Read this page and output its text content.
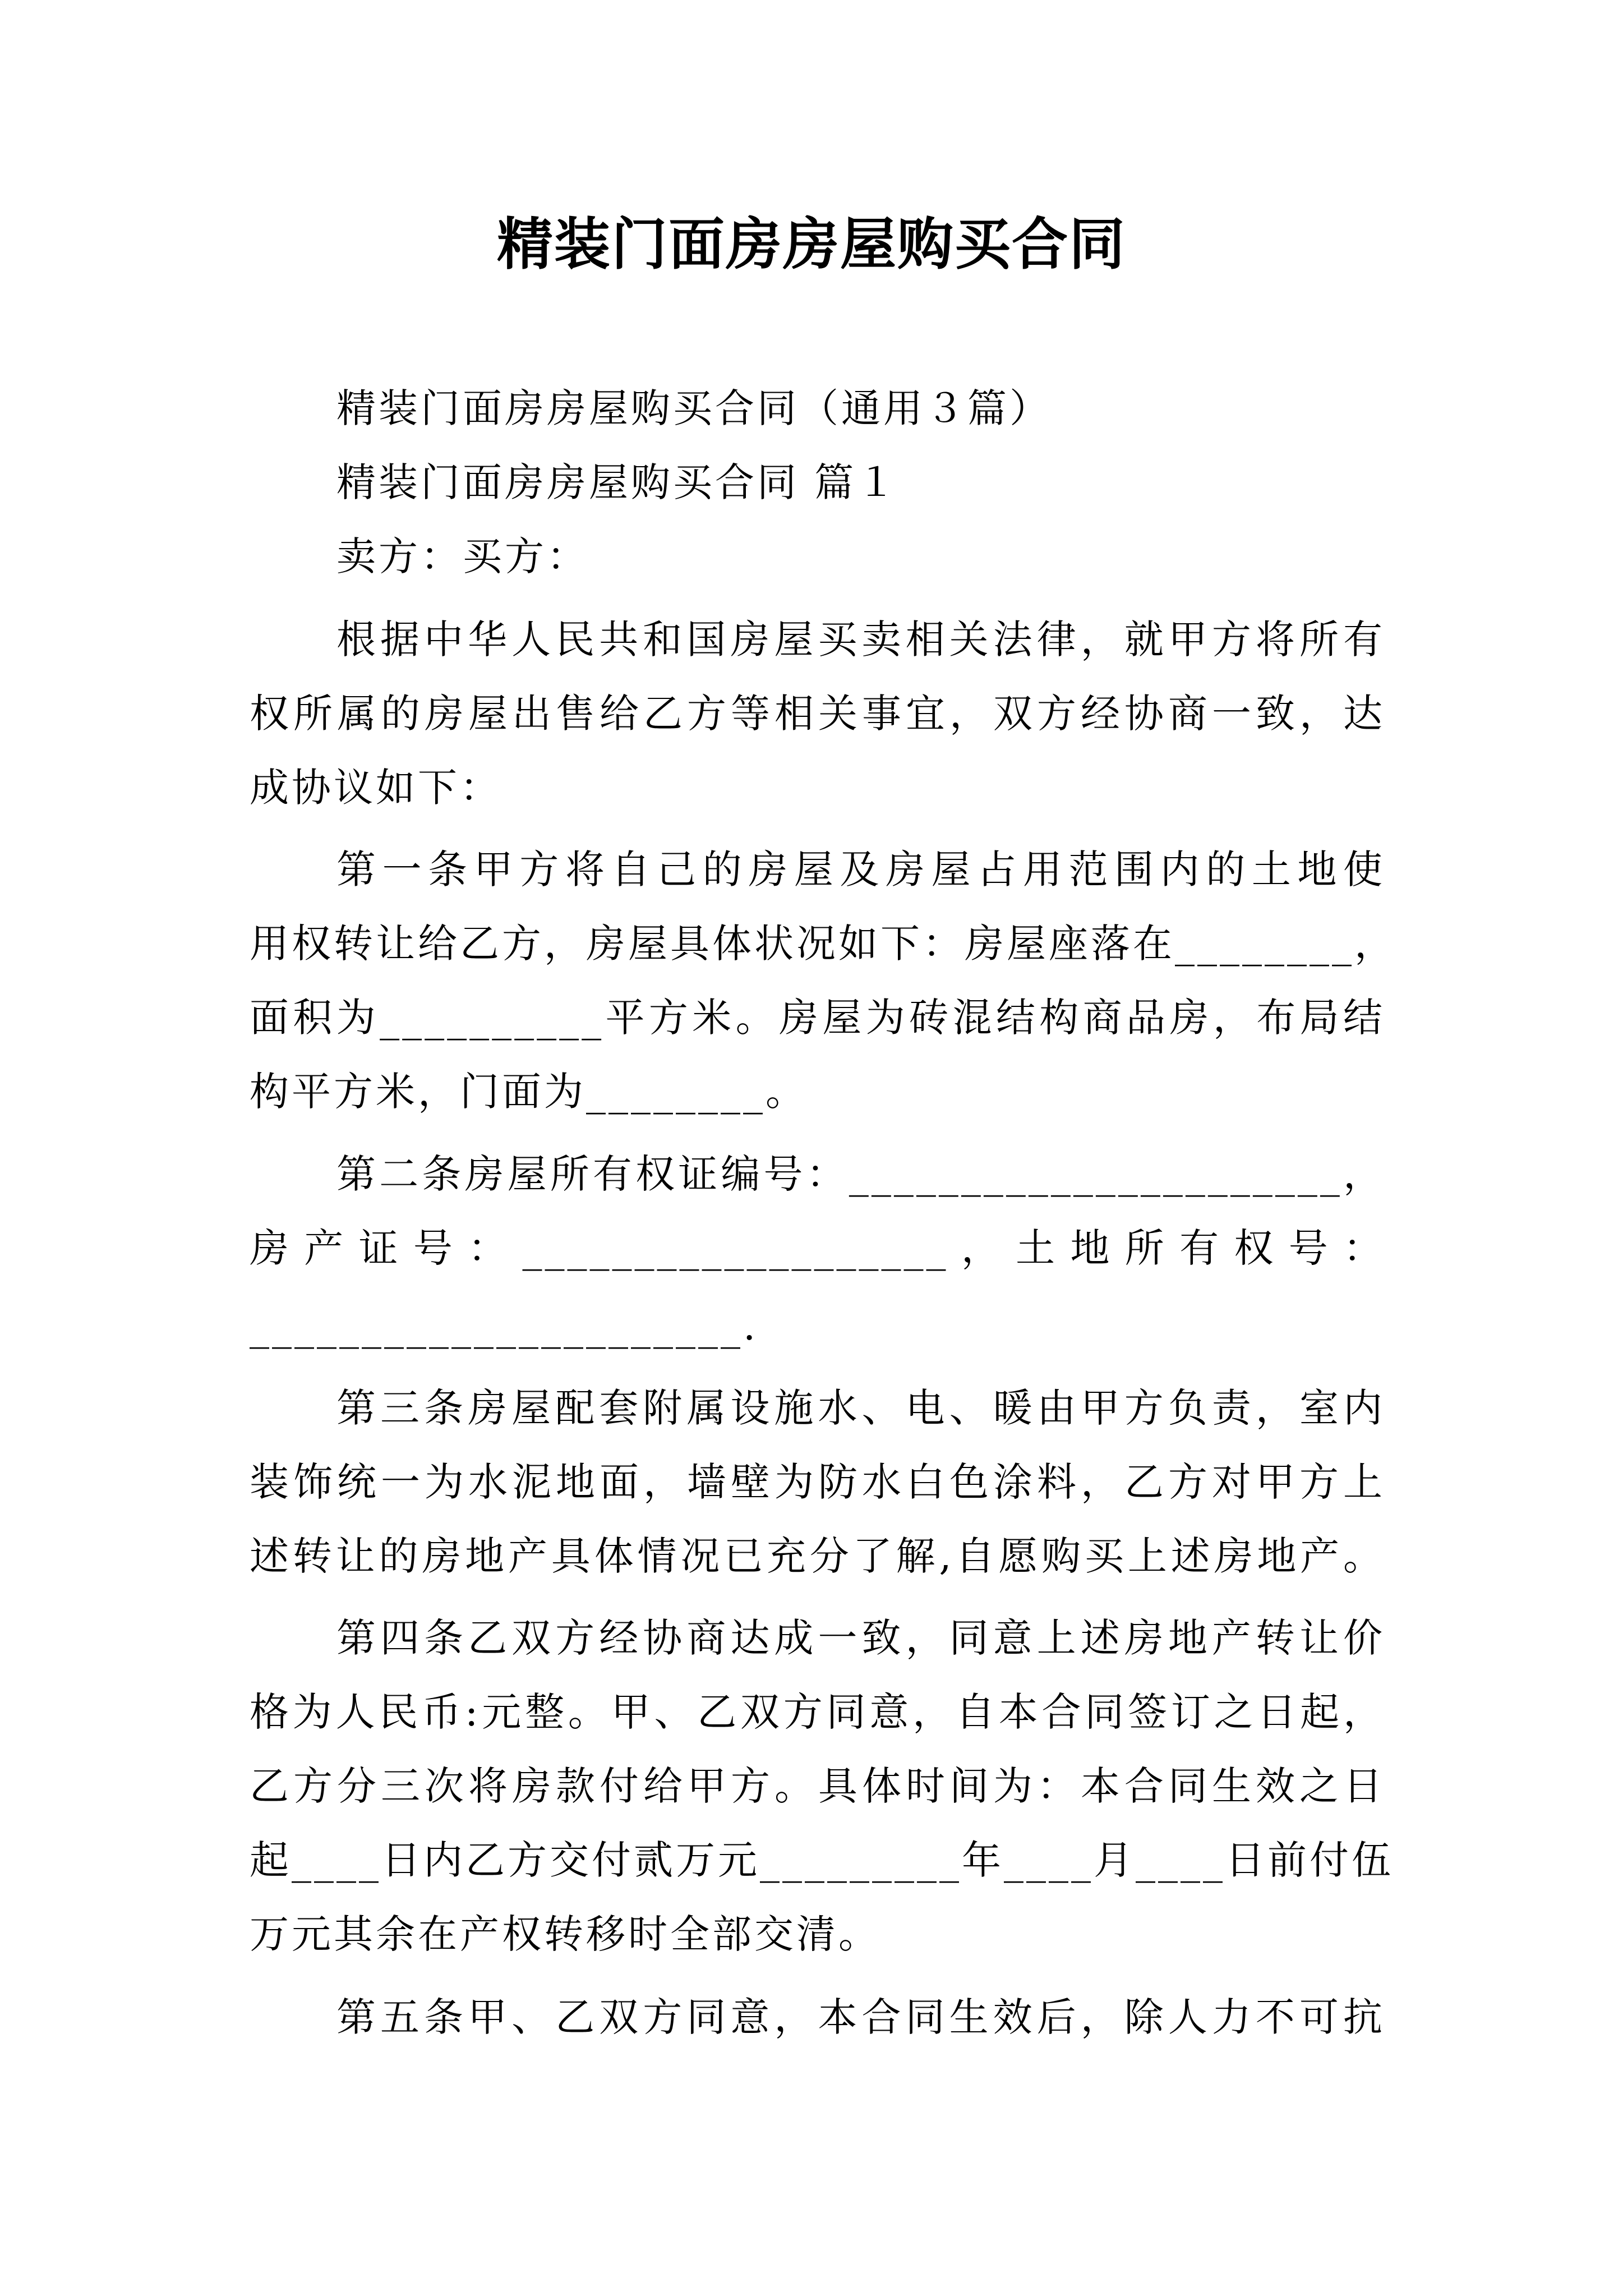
精装门面房房屋购买合同
精装门面房房屋购买合同（通用３篇）
精装门面房房屋购买合同 篇１
卖方：买方：
根据中华人民共和国房屋买卖相关法律，就甲方将所有
权所属的房屋出售给乙方等相关事宜，双方经协商一致，达
成协议如下：
第一条甲方将自己的房屋及房屋占用范围内的土地使
用权转让给乙方，房屋具体状况如下：房屋座落在________，
面积为__________平方米。房屋为砖混结构商品房，布局结
构平方米，门面为________。
第二条房屋所有权证编号：______________________，
房产证号：___________________，土地所有权号：
______________________.
第三条房屋配套附属设施水、电、暖由甲方负责，室内
装饰统一为水泥地面，墙壁为防水白色涂料，乙方对甲方上
述转让的房地产具体情况已充分了解,自愿购买上述房地产。
第四条乙双方经协商达成一致，同意上述房地产转让价
格为人民币:元整。甲、乙双方同意，自本合同签订之日起，
乙方分三次将房款付给甲方。具体时间为：本合同生效之日
起____日内乙方交付贰万元_________年____月____日前付伍
万元其余在产权转移时全部交清。
第五条甲、乙双方同意，本合同生效后，除人力不可抗
